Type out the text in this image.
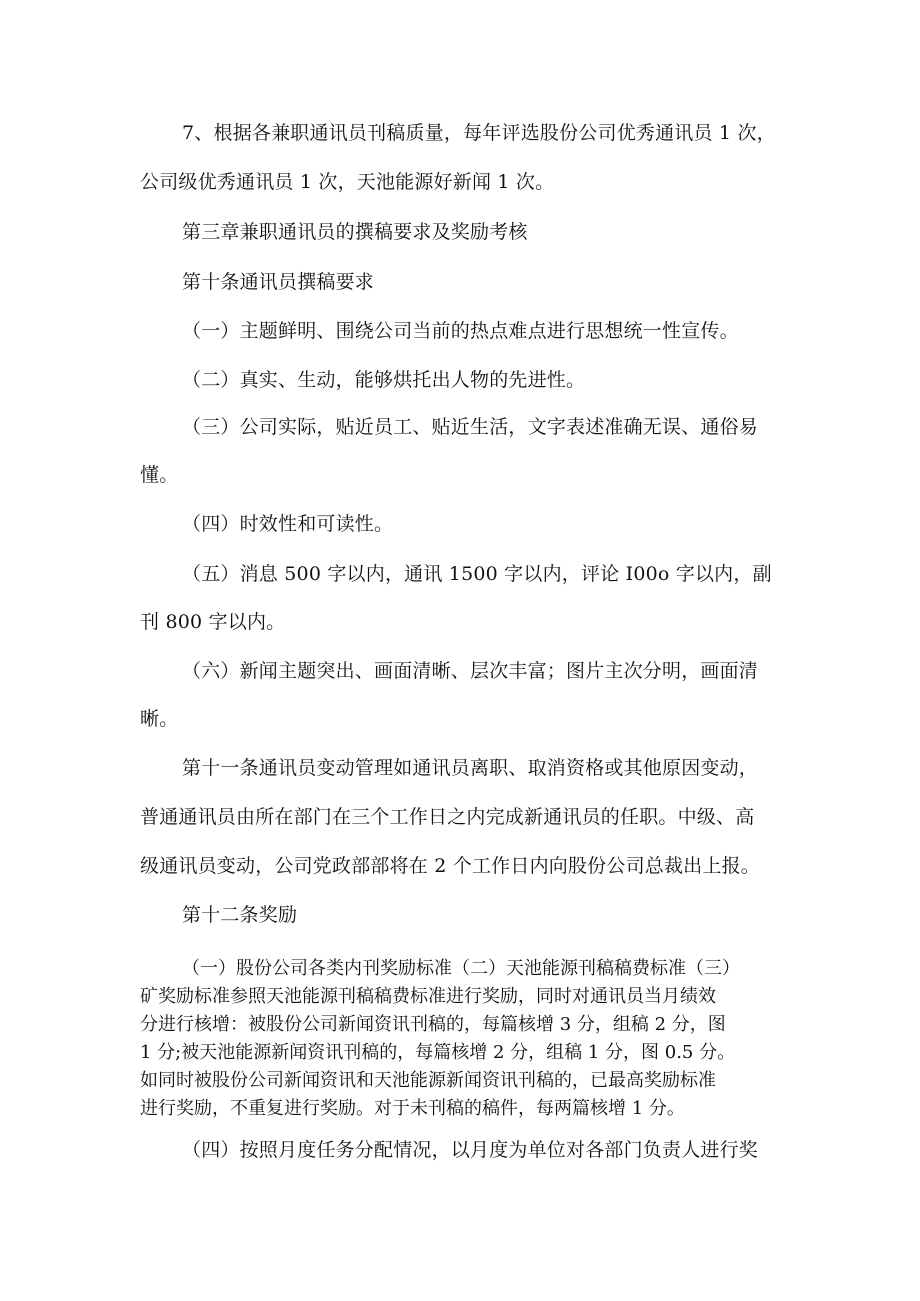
7、根据各兼职通讯员刊稿质量，每年评选股份公司优秀通讯员 1 次，
公司级优秀通讯员 1 次，天池能源好新闻 1 次。
第三章兼职通讯员的撰稿要求及奖励考核
第十条通讯员撰稿要求
（一）主题鲜明、围绕公司当前的热点难点进行思想统一性宣传。
（二）真实、生动，能够烘托出人物的先进性。
（三）公司实际，贴近员工、贴近生活，文字表述准确无误、通俗易
懂。
（四）时效性和可读性。
（五）消息 500 字以内，通讯 1500 字以内，评论 I00o 字以内，副
刊 800 字以内。
（六）新闻主题突出、画面清晰、层次丰富；图片主次分明，画面清
晰。
第十一条通讯员变动管理如通讯员离职、取消资格或其他原因变动，
普通通讯员由所在部门在三个工作日之内完成新通讯员的任职。中级、高
级通讯员变动，公司党政部部将在 2 个工作日内向股份公司总裁出上报。
第十二条奖励
（一）股份公司各类内刊奖励标准（二）天池能源刊稿稿费标准（三）
矿奖励标准参照天池能源刊稿稿费标准进行奖励，同时对通讯员当月绩效
分进行核增：被股份公司新闻资讯刊稿的，每篇核增 3 分，组稿 2 分，图
1 分;被天池能源新闻资讯刊稿的，每篇核增 2 分，组稿 1 分，图 0.5 分。
如同时被股份公司新闻资讯和天池能源新闻资讯刊稿的，已最高奖励标准
进行奖励，不重复进行奖励。对于未刊稿的稿件，每两篇核增 1 分。
（四）按照月度任务分配情况，以月度为单位对各部门负责人进行奖
